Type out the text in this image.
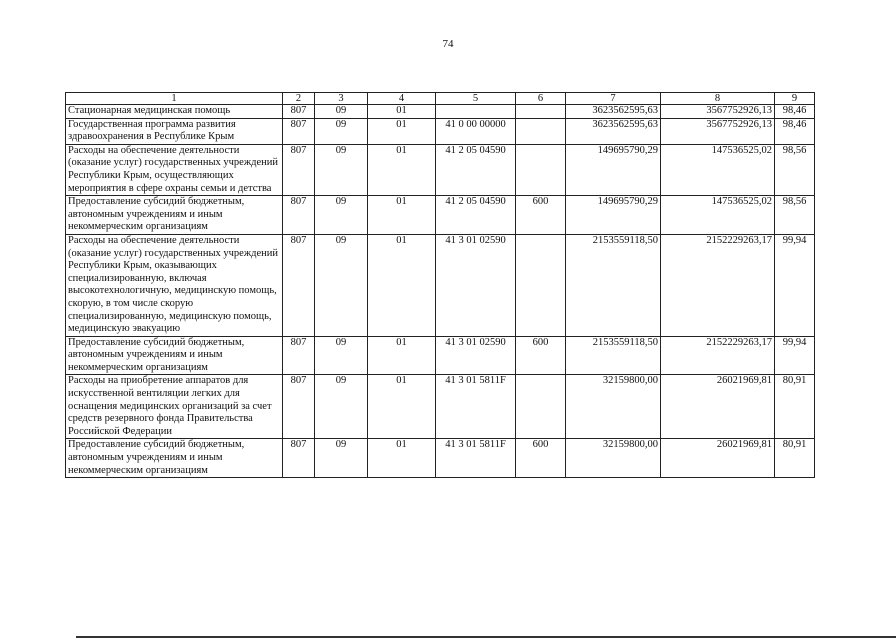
74
1	2	3	4	5	6	7	8	9
Стационарная медицинская помощь	807	09	01			3623562595,63	3567752926,13	98,46
Государственная программа развития здравоохранения в Республике Крым	807	09	01	41 0 00 00000		3623562595,63	3567752926,13	98,46
Расходы на обеспечение деятельности (оказание услуг) государственных учреждений Республики Крым, осуществляющих мероприятия в сфере охраны семьи и детства	807	09	01	41 2 05 04590		149695790,29	147536525,02	98,56
Предоставление субсидий бюджетным, автономным учреждениям и иным некоммерческим организациям	807	09	01	41 2 05 04590	600	149695790,29	147536525,02	98,56
Расходы на обеспечение деятельности (оказание услуг) государственных учреждений Республики Крым, оказывающих специализированную, включая высокотехнологичную, медицинскую помощь, скорую, в том числе скорую специализированную, медицинскую помощь, медицинскую эвакуацию	807	09	01	41 3 01 02590		2153559118,50	2152229263,17	99,94
Предоставление субсидий бюджетным, автономным учреждениям и иным некоммерческим организациям	807	09	01	41 3 01 02590	600	2153559118,50	2152229263,17	99,94
Расходы на приобретение аппаратов для искусственной вентиляции легких для оснащения медицинских организаций за счет средств резервного фонда Правительства Российской Федерации	807	09	01	41 3 01 5811F		32159800,00	26021969,81	80,91
Предоставление субсидий бюджетным, автономным учреждениям и иным некоммерческим организациям	807	09	01	41 3 01 5811F	600	32159800,00	26021969,81	80,91
